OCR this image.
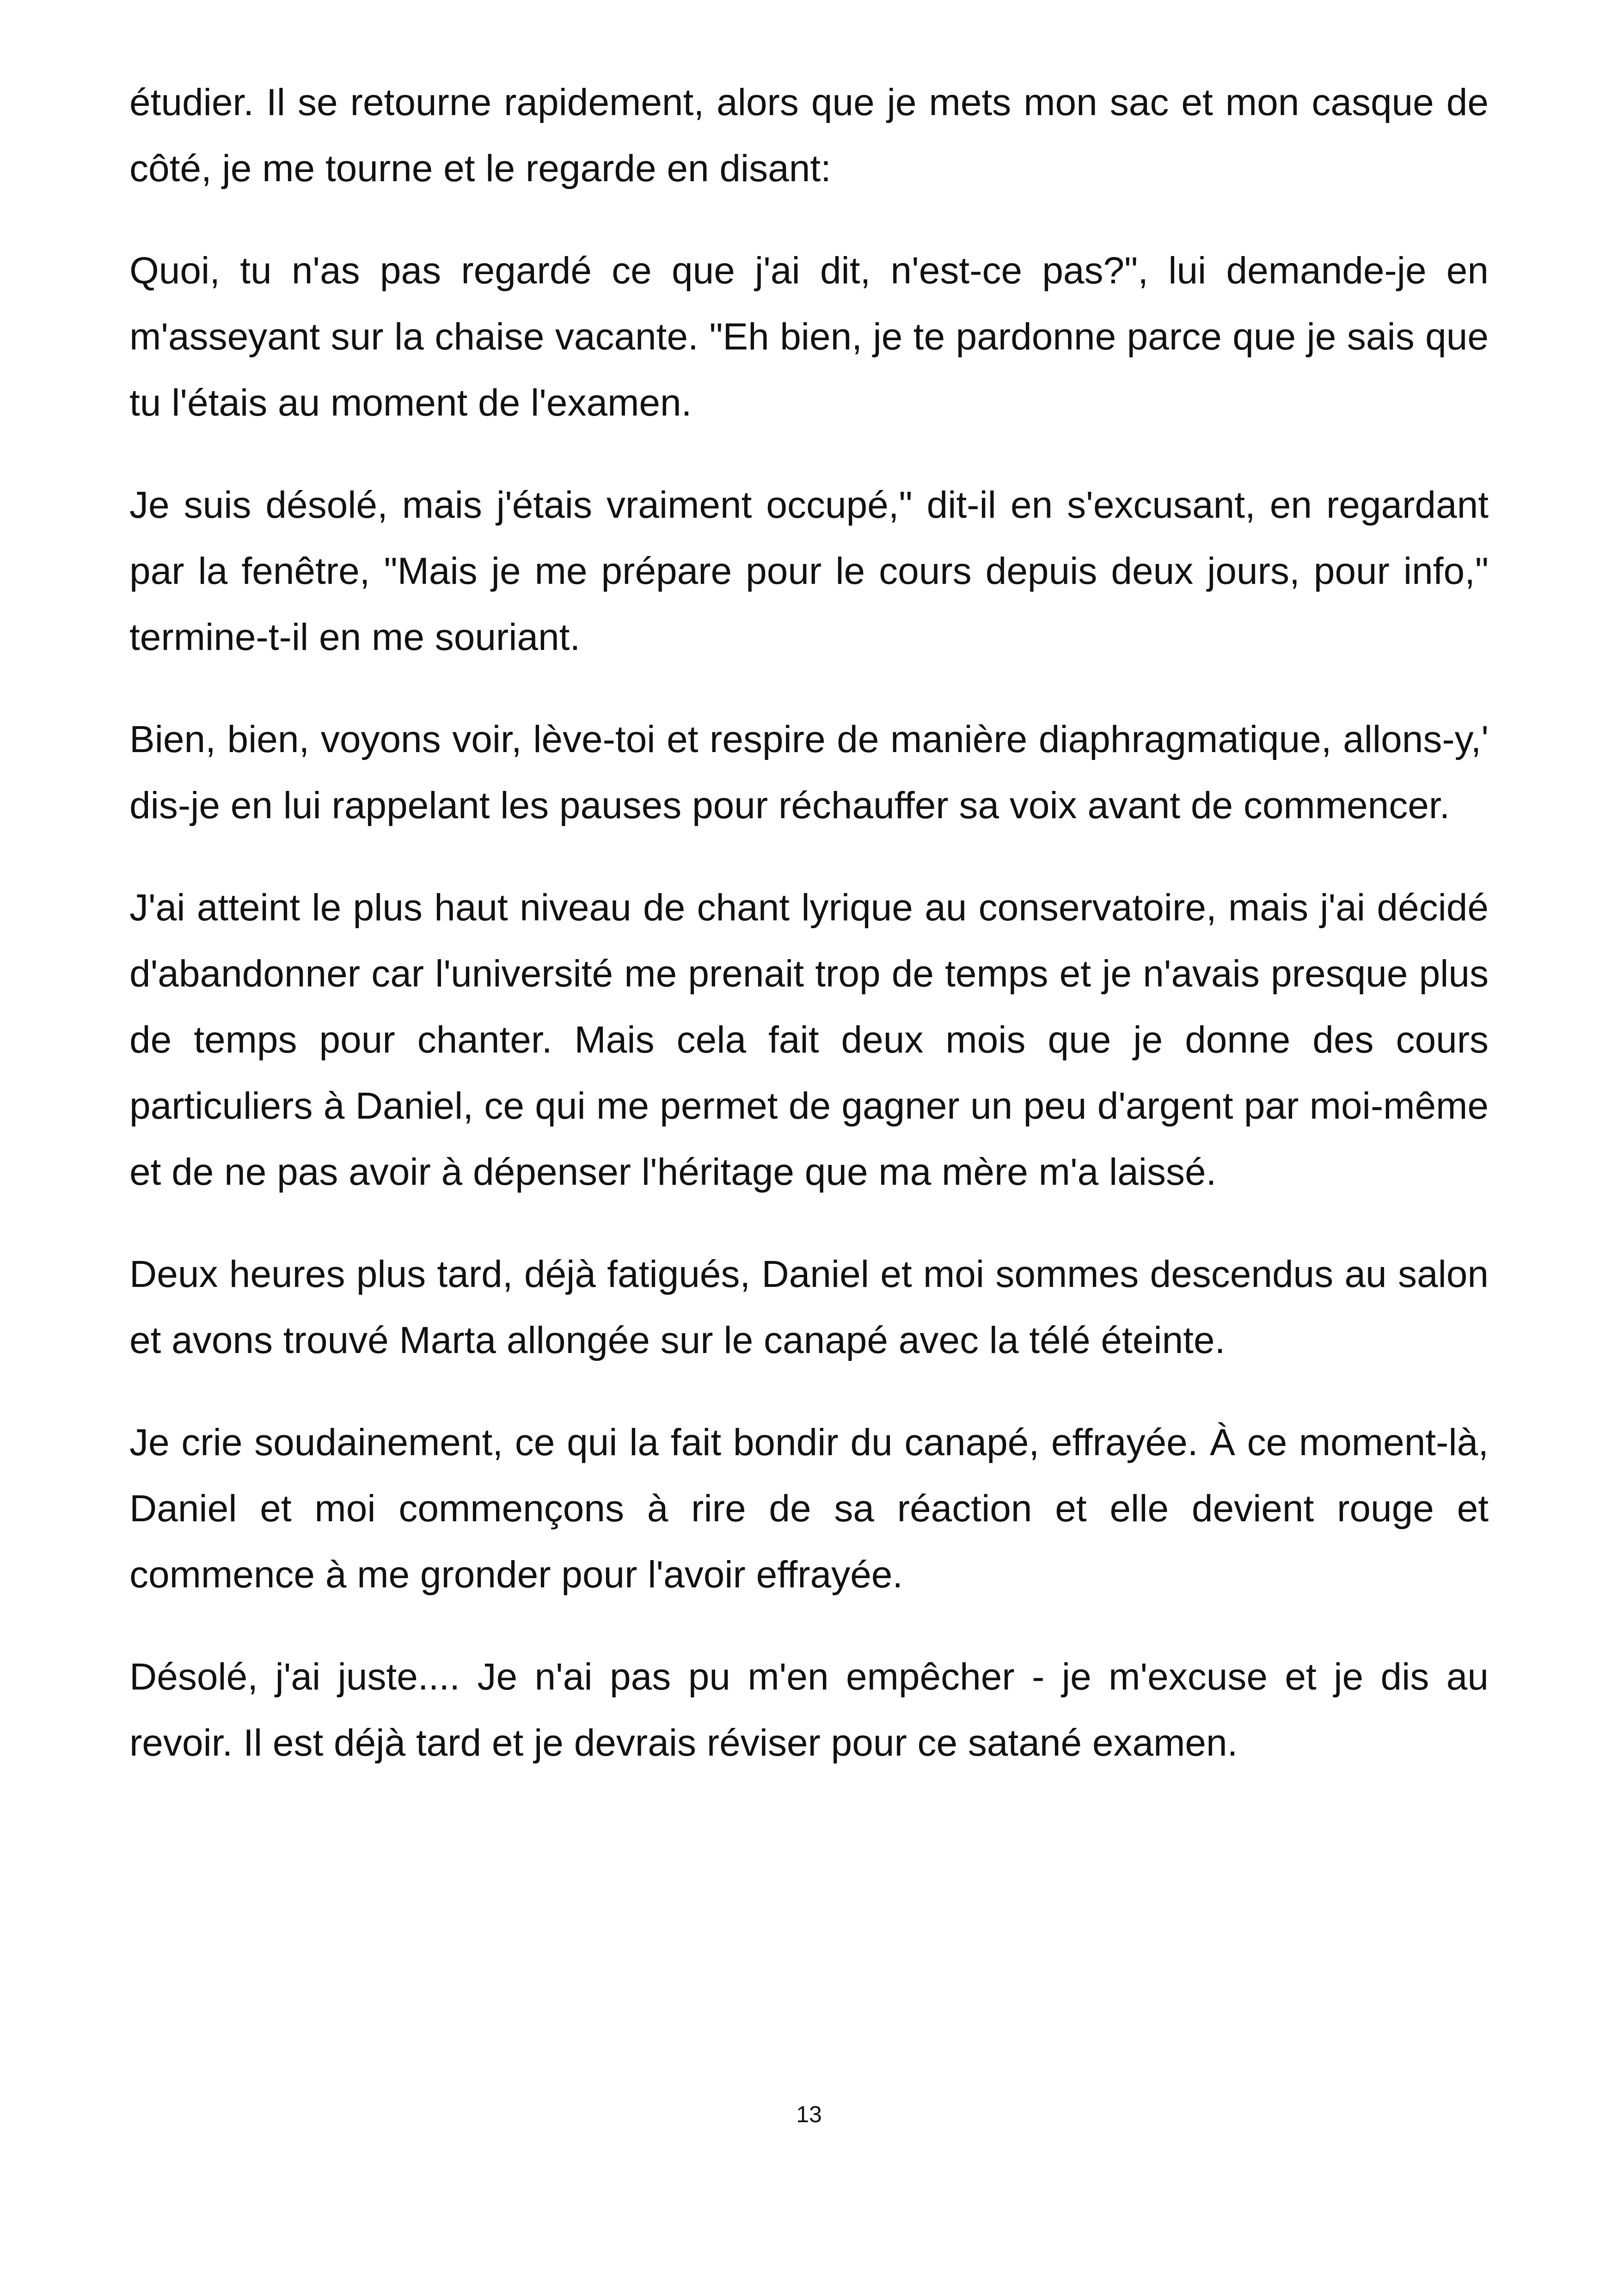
étudier. Il se retourne rapidement, alors que je mets mon sac et mon casque de côté, je me tourne et le regarde en disant:

Quoi, tu n'as pas regardé ce que j'ai dit, n'est-ce pas?", lui demande-je en m'asseyant sur la chaise vacante. "Eh bien, je te pardonne parce que je sais que tu l'étais au moment de l'examen.

Je suis désolé, mais j'étais vraiment occupé," dit-il en s'excusant, en regardant par la fenêtre, "Mais je me prépare pour le cours depuis deux jours, pour info," termine-t-il en me souriant.

Bien, bien, voyons voir, lève-toi et respire de manière diaphragmatique, allons-y,' dis-je en lui rappelant les pauses pour réchauffer sa voix avant de commencer.

J'ai atteint le plus haut niveau de chant lyrique au conservatoire, mais j'ai décidé d'abandonner car l'université me prenait trop de temps et je n'avais presque plus de temps pour chanter. Mais cela fait deux mois que je donne des cours particuliers à Daniel, ce qui me permet de gagner un peu d'argent par moi-même et de ne pas avoir à dépenser l'héritage que ma mère m'a laissé.

Deux heures plus tard, déjà fatigués, Daniel et moi sommes descendus au salon et avons trouvé Marta allongée sur le canapé avec la télé éteinte.

Je crie soudainement, ce qui la fait bondir du canapé, effrayée. À ce moment-là, Daniel et moi commençons à rire de sa réaction et elle devient rouge et commence à me gronder pour l'avoir effrayée.

Désolé, j'ai juste.... Je n'ai pas pu m'en empêcher - je m'excuse et je dis au revoir. Il est déjà tard et je devrais réviser pour ce satané examen.

13
